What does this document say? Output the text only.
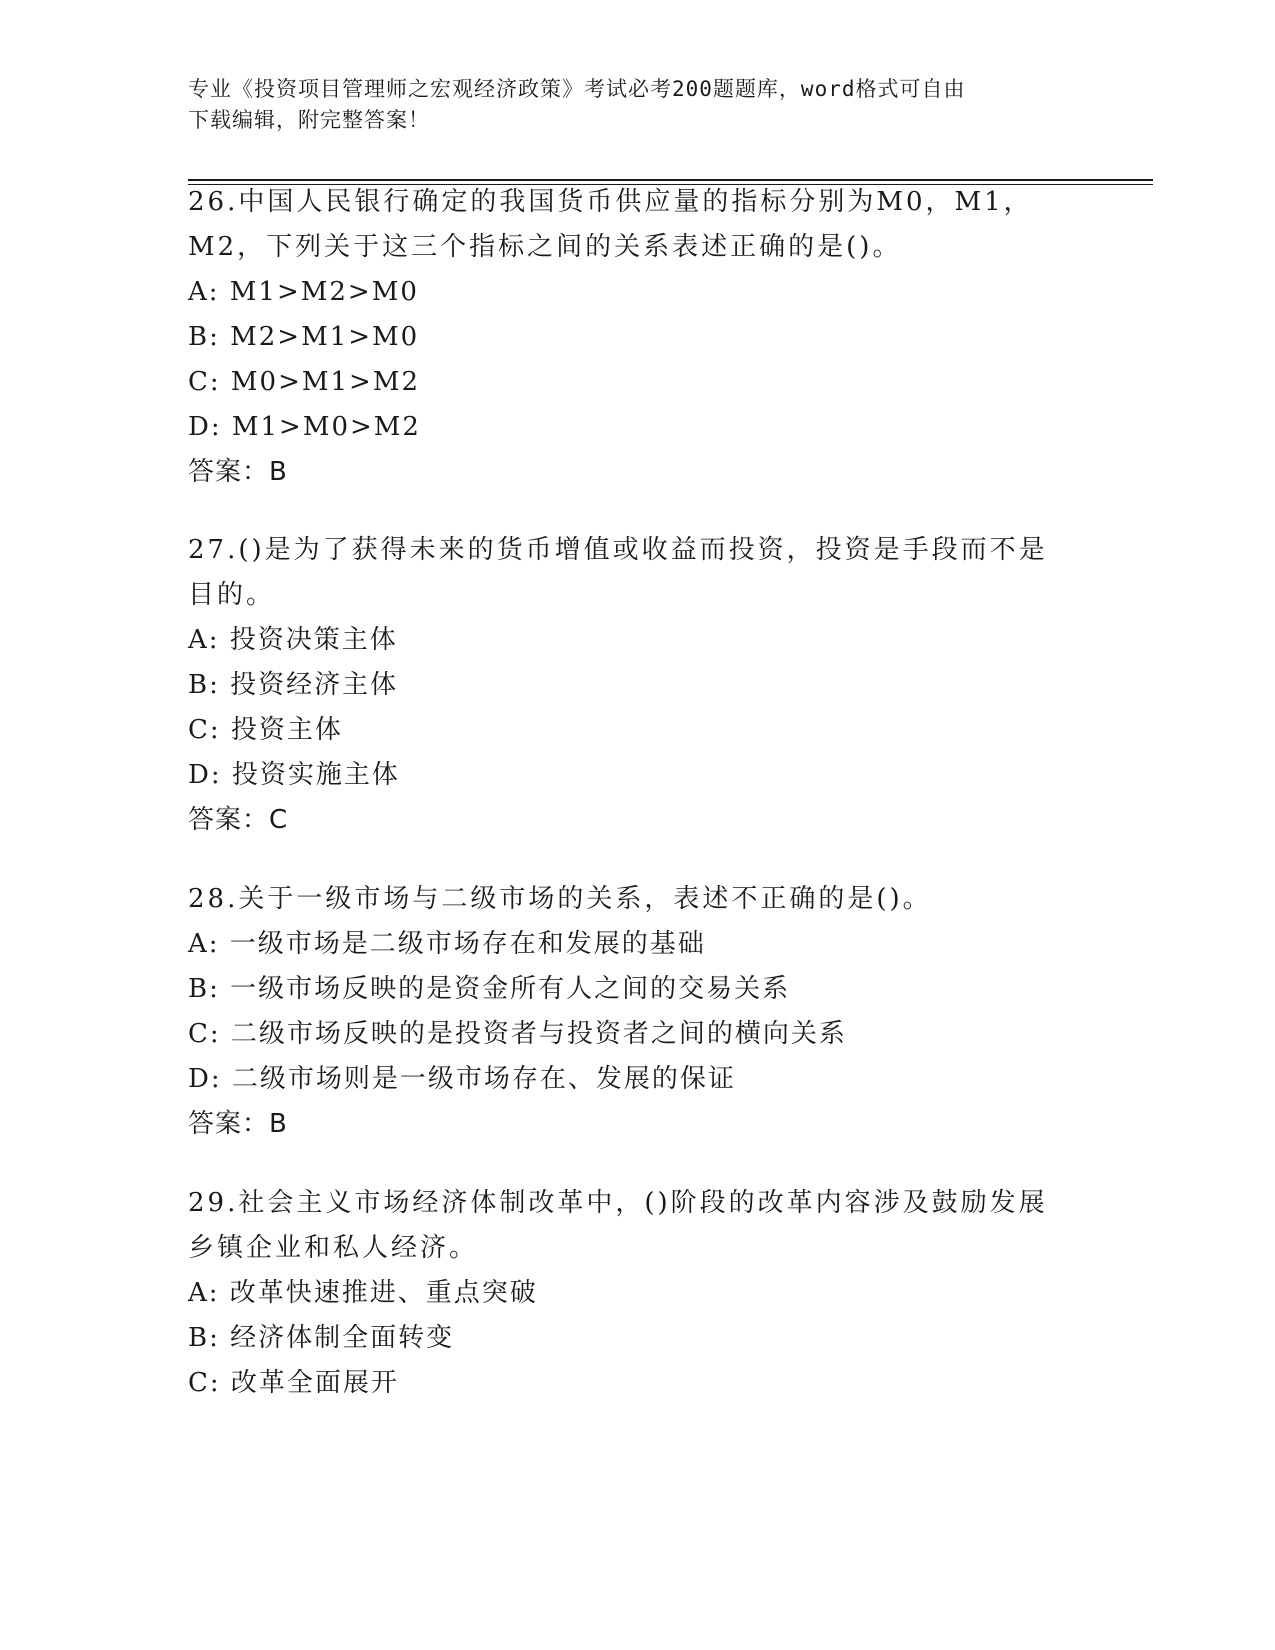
专业《投资项目管理师之宏观经济政策》考试必考200题题库，word格式可自由
下载编辑，附完整答案！

26.中国人民银行确定的我国货币供应量的指标分别为M0，M1，M2，下列关于这三个指标之间的关系表述正确的是()。

A: M1>M2>M0

B: M2>M1>M0

C: M0>M1>M2

D: M1>M0>M2

答案：B

27.()是为了获得未来的货币增值或收益而投资，投资是手段而不是目的。

A: 投资决策主体

B: 投资经济主体

C: 投资主体

D: 投资实施主体

答案：C

28.关于一级市场与二级市场的关系，表述不正确的是()。

A: 一级市场是二级市场存在和发展的基础

B: 一级市场反映的是资金所有人之间的交易关系

C: 二级市场反映的是投资者与投资者之间的横向关系

D: 二级市场则是一级市场存在、发展的保证

答案：B

29.社会主义市场经济体制改革中，()阶段的改革内容涉及鼓励发展乡镇企业和私人经济。

A: 改革快速推进、重点突破

B: 经济体制全面转变

C: 改革全面展开
